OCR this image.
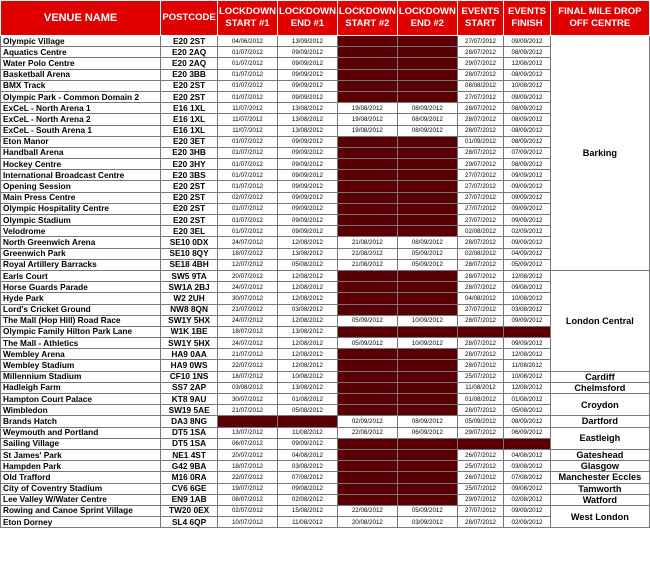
VENUE NAME	POSTCODE	LOCKDOWN START #1	LOCKDOWN END #1	LOCKDOWN START #2	LOCKDOWN END #2	EVENTS START	EVENTS FINISH	FINAL MILE DROP OFF CENTRE
Olympic Village	E20 2ST	04/06/2012	13/09/2012			27/07/2012	09/09/2012	Barking
Aquatics Centre	E20 2AQ	01/07/2012	09/09/2012			28/07/2012	08/09/2012	
Water Polo Centre	E20 2AQ	01/07/2012	09/09/2012			29/07/2012	12/08/2012	
Basketball Arena	E20 3BB	01/07/2012	09/09/2012			28/07/2012	08/09/2012	
BMX Track	E20 2ST	01/07/2012	09/09/2012			08/08/2012	10/08/2012	
Olympic Park - Common Domain 2	E20 2ST	01/07/2012	09/09/2012			27/07/2012	09/09/2012	
ExCeL - North Arena 1	E16 1XL	11/07/2012	13/08/2012	19/08/2012	08/09/2012	28/07/2012	08/09/2012	
ExCeL - North Arena 2	E16 1XL	11/07/2012	13/08/2012	19/08/2012	08/09/2012	28/07/2012	08/09/2012	
ExCeL - South Arena 1	E16 1XL	11/07/2012	13/08/2012	19/08/2012	08/09/2012	28/07/2012	08/09/2012	
Eton Manor	E20 3ET	01/07/2012	09/09/2012			01/09/2012	08/09/2012	
Handball Arena	E20 3HB	01/07/2012	09/09/2012			28/07/2012	07/09/2012	
Hockey Centre	E20 3HY	01/07/2012	09/09/2012			29/07/2012	08/09/2012	
International Broadcast Centre	E20 3BS	01/07/2012	09/09/2012			27/07/2012	09/09/2012	
Opening Session	E20 2ST	01/07/2012	09/09/2012			27/07/2012	09/09/2012	
Main Press Centre	E20 2ST	02/07/2012	09/09/2012			27/07/2012	09/09/2012	
Olympic Hospitality Centre	E20 2ST	01/07/2012	09/09/2012			27/07/2012	09/09/2012	
Olympic Stadium	E20 2ST	01/07/2012	09/09/2012			27/07/2012	09/09/2012	
Velodrome	E20 3EL	01/07/2012	09/09/2012			02/08/2012	02/09/2012	
North Greenwich Arena	SE10 0DX	24/07/2012	12/08/2012	21/08/2012	08/09/2012	28/07/2012	09/09/2012	
Greenwich Park	SE10 8QY	18/07/2012	13/08/2012	21/08/2012	05/09/2012	02/08/2012	04/09/2012	
Royal Artillery Barracks	SE18 4BH	12/07/2012	05/08/2012	21/08/2012	05/09/2012	28/07/2012	05/09/2012	
Earls Court	SW5 9TA	20/07/2012	12/08/2012			28/07/2012	12/08/2012	London Central
Horse Guards Parade	SW1A 2BJ	24/07/2012	12/08/2012			28/07/2012	09/08/2012	
Hyde Park	W2 2UH	30/07/2012	12/08/2012			04/08/2012	10/08/2012	
Lord's Cricket Ground	NW8 8QN	21/07/2012	03/08/2012			27/07/2012	03/08/2012	
The Mall (Hop Hill) Road Race	SW1Y 5HX	24/07/2012	12/08/2012	05/09/2012	10/09/2012	28/07/2012	09/09/2012	
Olympic Family Hilton Park Lane	W1K 1BE	18/07/2012	13/08/2012					
The Mall - Athletics	SW1Y 5HX	24/07/2012	12/08/2012	05/09/2012	10/09/2012	28/07/2012	09/09/2012	
Wembley Arena	HA9 0AA	21/07/2012	12/08/2012			28/07/2012	12/08/2012	
Wembley Stadium	HA9 0WS	22/07/2012	12/08/2012			28/07/2012	11/08/2012	
Millennium Stadium	CF10 1NS	18/07/2012	10/08/2012			25/07/2012	10/08/2012	Cardiff
Hadleigh Farm	SS7 2AP	03/08/2012	13/08/2012			11/08/2012	12/08/2012	Chelmsford
Hampton Court Palace	KT8 9AU	30/07/2012	01/08/2012			01/08/2012	01/08/2012	Croydon
Wimbledon	SW19 5AE	21/07/2012	05/08/2012			28/07/2012	05/08/2012	
Brands Hatch	DA3 8NG			02/09/2012	08/09/2012	05/09/2012	08/09/2012	Dartford
Weymouth and Portland	DT5 1SA	13/07/2012	11/08/2012	22/08/2012	06/09/2012	29/07/2012	06/09/2012	Eastleigh
Sailing Village	DT5 1SA	06/07/2012	09/09/2012					
St James' Park	NE1 4ST	20/07/2012	04/08/2012			26/07/2012	04/08/2012	Gateshead
Hampden Park	G42 9BA	18/07/2012	03/08/2012			25/07/2012	03/08/2012	Glasgow
Old Trafford	M16 0RA	22/07/2012	07/08/2012			26/07/2012	07/08/2012	Manchester Eccles
City of Coventry Stadium	CV6 6GE	19/07/2012	09/08/2012			25/07/2012	09/08/2012	Tamworth
Lee Valley W/Water Centre	EN9 1AB	08/07/2012	02/08/2012			29/07/2012	02/08/2012	Watford
Rowing and Canoe Sprint Village	TW20 0EX	02/07/2012	15/08/2012	22/08/2012	05/09/2012	27/07/2012	09/09/2012	West London
Eton Dorney	SL4 6QP	10/07/2012	11/08/2012	20/08/2012	03/09/2012	28/07/2012	02/09/2012	
